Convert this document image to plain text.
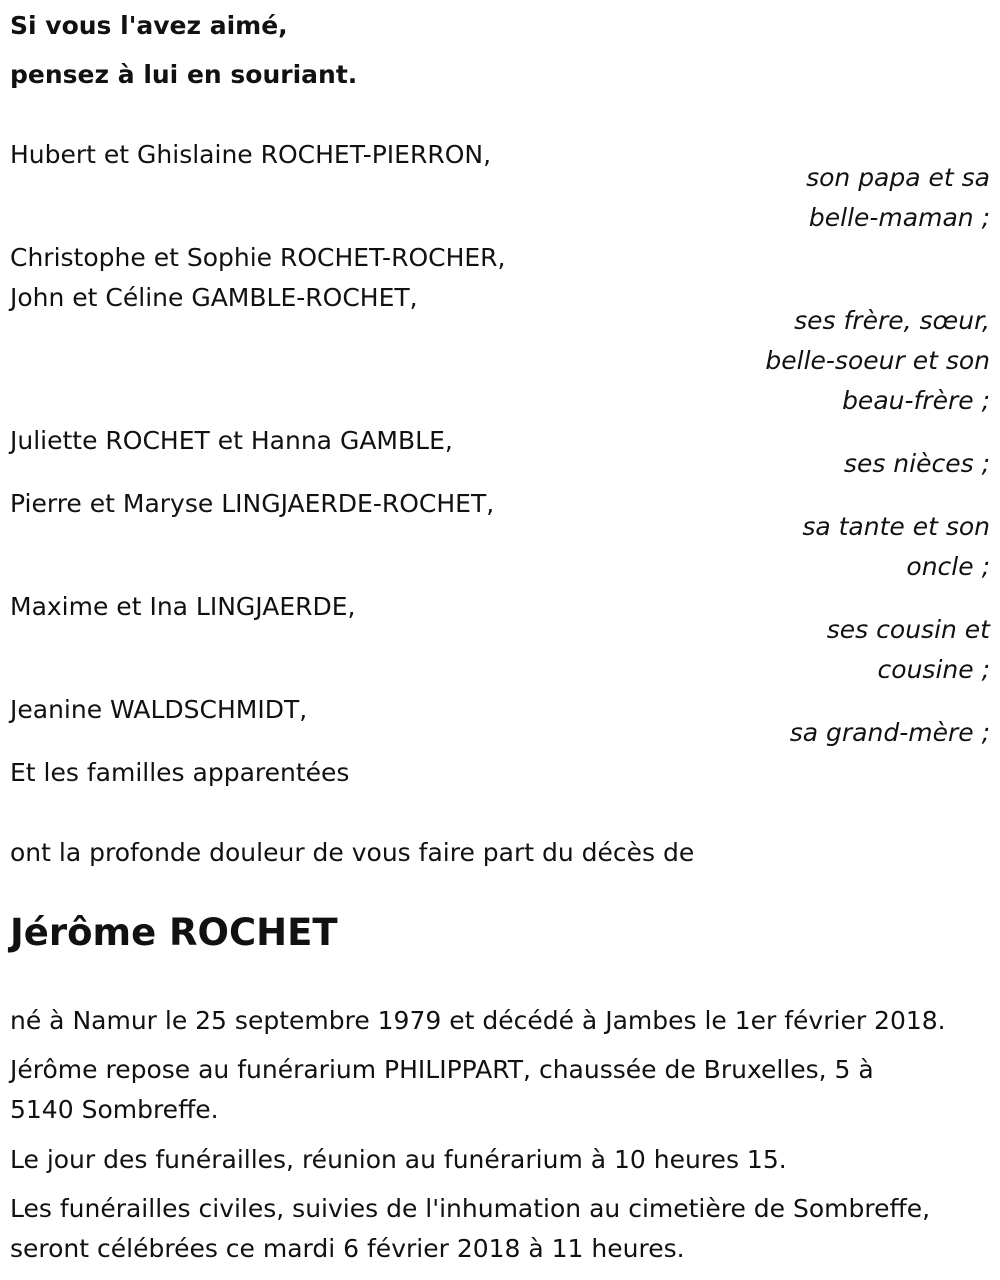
Si vous l'avez aimé,
pensez à lui en souriant.
Hubert et Ghislaine ROCHET-PIERRON,
son papa et sa
belle-maman ;
Christophe et Sophie ROCHET-ROCHER,
John et Céline GAMBLE-ROCHET,
ses frère, sœur,
belle-soeur et son
beau-frère ;
Juliette ROCHET et Hanna GAMBLE,
ses nièces ;
Pierre et Maryse LINGJAERDE-ROCHET,
sa tante et son
oncle ;
Maxime et Ina LINGJAERDE,
ses cousin et
cousine ;
Jeanine WALDSCHMIDT,
sa grand-mère ;
Et les familles apparentées
ont la profonde douleur de vous faire part du décès de
Jérôme ROCHET
né à Namur le 25 septembre 1979 et décédé à Jambes le 1er février 2018.
Jérôme repose au funérarium PHILIPPART, chaussée de Bruxelles, 5 à
5140 Sombreffe.
Le jour des funérailles, réunion au funérarium à 10 heures 15.
Les funérailles civiles, suivies de l'inhumation au cimetière de Sombreffe,
seront célébrées ce mardi 6 février 2018 à 11 heures.
